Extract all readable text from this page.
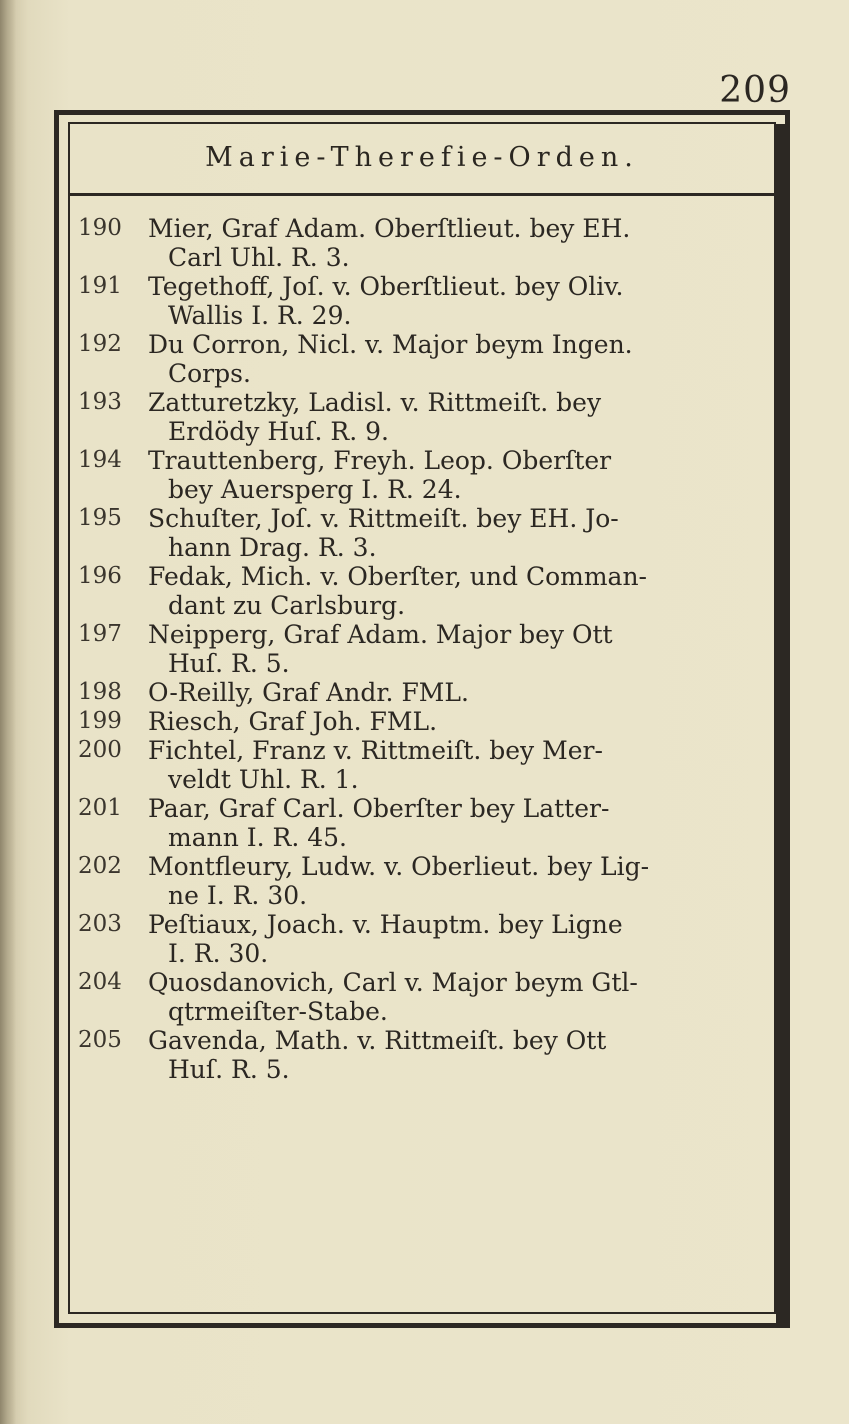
209
Marie-Therefie-Orden.
190	Mier, Graf Adam. Oberſtlieut. bey EH.
Carl Uhl. R. 3.
191	Tegethoff, Joſ. v. Oberſtlieut. bey Oliv.
Wallis I. R. 29.
192	Du Corron, Nicl. v. Major beym Ingen.
Corps.
193	Zatturetzky, Ladisl. v. Rittmeiſt. bey
Erdödy Huſ. R. 9.
194	Trauttenberg, Freyh. Leop. Oberſter
bey Auersperg I. R. 24.
195	Schuſter, Joſ. v. Rittmeiſt. bey EH. Jo-
hann Drag. R. 3.
196	Fedak, Mich. v. Oberſter, und Comman-
dant zu Carlsburg.
197	Neipperg, Graf Adam. Major bey Ott
Huſ. R. 5.
198	O-Reilly, Graf Andr. FML.
199	Riesch, Graf Joh. FML.
200	Fichtel, Franz v. Rittmeiſt. bey Mer-
veldt Uhl. R. 1.
201	Paar, Graf Carl. Oberſter bey Latter-
mann I. R. 45.
202	Montfleury, Ludw. v. Oberlieut. bey Lig-
ne I. R. 30.
203	Peſtiaux, Joach. v. Hauptm. bey Ligne
I. R. 30.
204	Quosdanovich, Carl v. Major beym Gtl-
qtrmeiſter-Stabe.
205	Gavenda, Math. v. Rittmeiſt. bey Ott
Huſ. R. 5.
